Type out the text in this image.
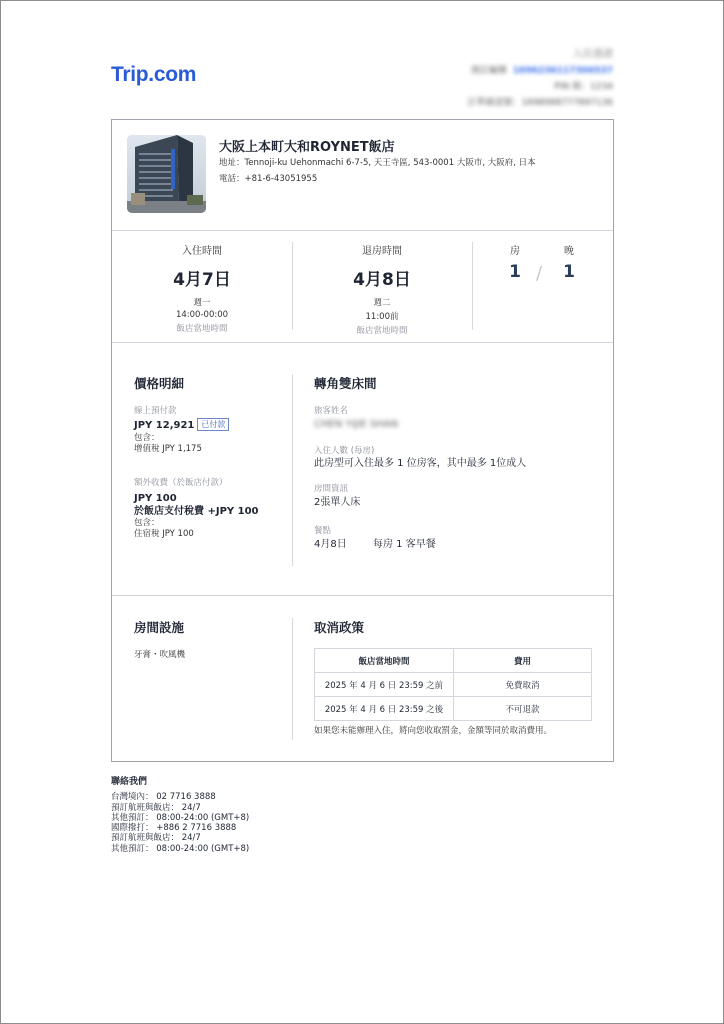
Trip.com
入住憑證
預訂編號 1696236117306537
PIN 碼：1234
訂單確認號：1698988777897136
大阪上本町大和ROYNET飯店
地址：Tennoji-ku Uehonmachi 6-7-5, 天王寺區, 543-0001 大阪市, 大阪府, 日本
電話：+81-6-43051955
入住時間
4月7日
週一
14:00-00:00
飯店當地時間
退房時間
4月8日
週二
11:00前
飯店當地時間
房
1 /
晚
1
價格明細
線上預付款
JPY 12,921 已付款
包含：
增值稅 JPY 1,175
額外收費（於飯店付款）
JPY 100
於飯店支付稅費 +JPY 100
包含：
住宿稅 JPY 100
轉角雙床間
旅客姓名
CHEN YIJIE SHAN
入住人數 (每房)
此房型可入住最多 1 位房客，其中最多 1位成人
房間資訊
2張單人床
餐點
4月8日	每房 1 客早餐
房間設施
牙膏・吹風機
取消政策
飯店當地時間	費用
2025 年 4 月 6 日 23:59 之前	免費取消
2025 年 4 月 6 日 23:59 之後	不可退款
如果您未能辦理入住，將向您收取罰金，金額等同於取消費用。
聯絡我們
台灣境內： 02 7716 3888
預訂航班與飯店： 24/7
其他預訂： 08:00-24:00 (GMT+8)
國際撥打： +886 2 7716 3888
預訂航班與飯店： 24/7
其他預訂： 08:00-24:00 (GMT+8)
